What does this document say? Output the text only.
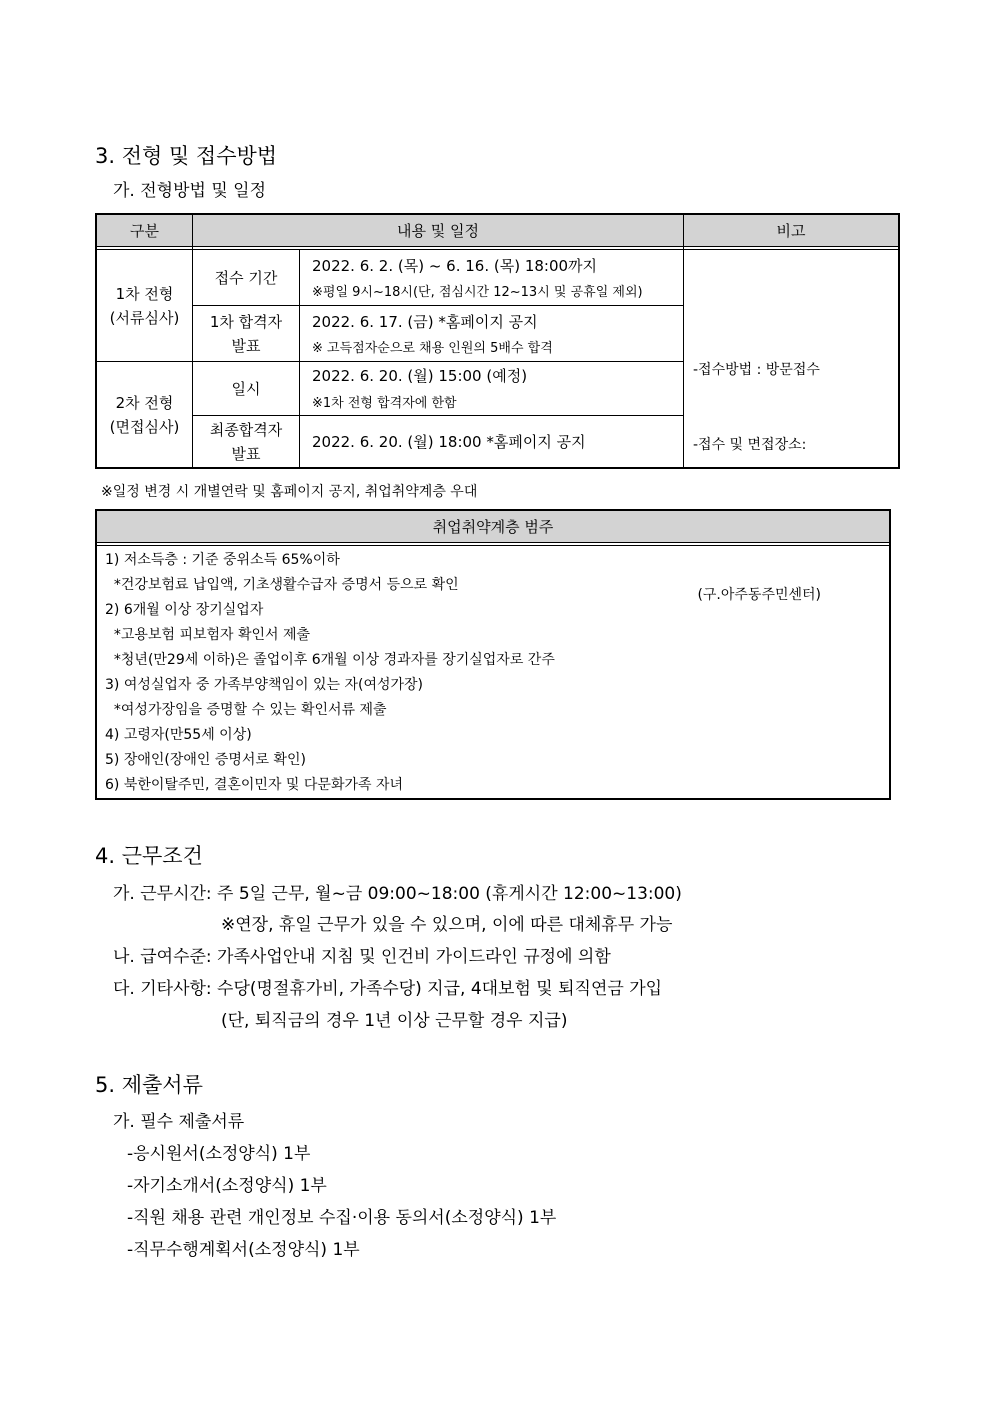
3. 전형 및 접수방법
가. 전형방법 및 일정
구분	내용 및 일정	비고
1차 전형
(서류심사)
2차 전형
(면접심사)
접수 기간
2022. 6. 2. (목) ~ 6. 16. (목) 18:00까지
※평일 9시~18시(단, 점심시간 12~13시 및 공휴일 제외)
1차 합격자
발표
2022. 6. 17. (금) *홈페이지 공지
※ 고득점자순으로 채용 인원의 5배수 합격
일시
2022. 6. 20. (월) 15:00 (예정)
※1차 전형 합격자에 한함
최종합격자
발표
2022. 6. 20. (월) 18:00 *홈페이지 공지

-접수방법 : 방문접수

-접수 및 면접장소:

(구.아주동주민센터)

※일정 변경 시 개별연락 및 홈페이지 공지, 취업취약계층 우대
취업취약계층 범주
1) 저소득층 : 기준 중위소득 65%이하
*건강보험료 납입액, 기초생활수급자 증명서 등으로 확인
2) 6개월 이상 장기실업자
*고용보험 피보험자 확인서 제출
*청년(만29세 이하)은 졸업이후 6개월 이상 경과자를 장기실업자로 간주
3) 여성실업자 중 가족부양책임이 있는 자(여성가장)
*여성가장임을 증명할 수 있는 확인서류 제출
4) 고령자(만55세 이상)
5) 장애인(장애인 증명서로 확인)
6) 북한이탈주민, 결혼이민자 및 다문화가족 자녀
4. 근무조건
가. 근무시간: 주 5일 근무, 월~금 09:00~18:00 (휴게시간 12:00~13:00)
※연장, 휴일 근무가 있을 수 있으며, 이에 따른 대체휴무 가능
나. 급여수준: 가족사업안내 지침 및 인건비 가이드라인 규정에 의함
다. 기타사항: 수당(명절휴가비, 가족수당) 지급, 4대보험 및 퇴직연금 가입
(단, 퇴직금의 경우 1년 이상 근무할 경우 지급)
5. 제출서류
가. 필수 제출서류
-응시원서(소정양식) 1부
-자기소개서(소정양식) 1부
-직원 채용 관련 개인정보 수집·이용 동의서(소정양식) 1부
-직무수행계획서(소정양식) 1부
